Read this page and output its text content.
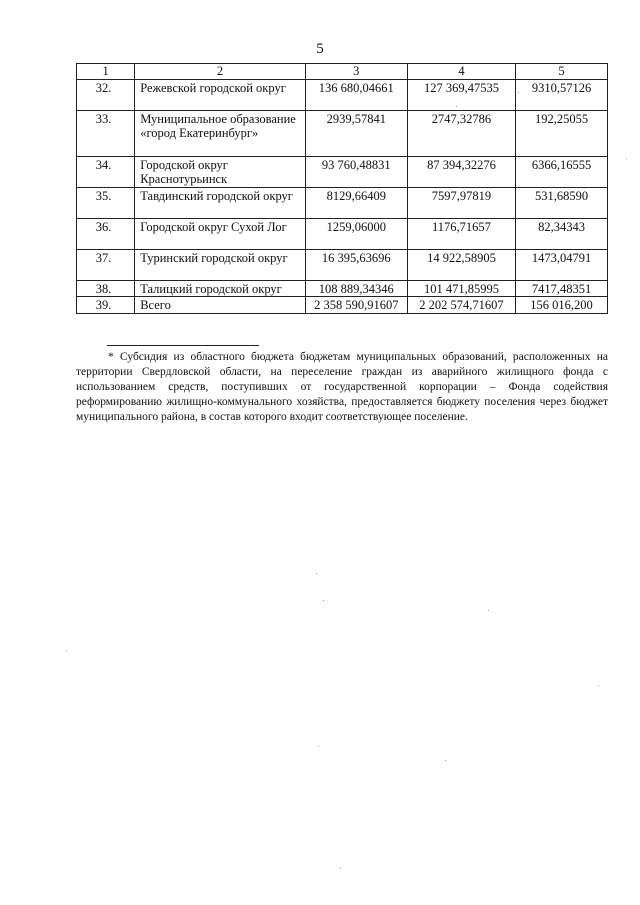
5
1	2	3	4	5
32.	Режевской городской округ	136 680,04661	127 369,47535	9310,57126
33.	Муниципальное образование «город Екатеринбург»	2939,57841	2747,32786	192,25055
34.	Городской округ Краснотурьинск	93 760,48831	87 394,32276	6366,16555
35.	Тавдинский городской округ	8129,66409	7597,97819	531,68590
36.	Городской округ Сухой Лог	1259,06000	1176,71657	82,34343
37.	Туринский городской округ	16 395,63696	14 922,58905	1473,04791
38.	Талицкий городской округ	108 889,34346	101 471,85995	7417,48351
39.	Всего	2 358 590,91607	2 202 574,71607	156 016,200

* Субсидия из областного бюджета бюджетам муниципальных образований, расположенных на территории Свердловской области, на переселение граждан из аварийного жилищного фонда с использованием средств, поступивших от государственной корпорации – Фонда содействия реформированию жилищно-коммунального хозяйства, предоставляется бюджету поселения через бюджет муниципального района, в состав которого входит соответствующее поселение.
